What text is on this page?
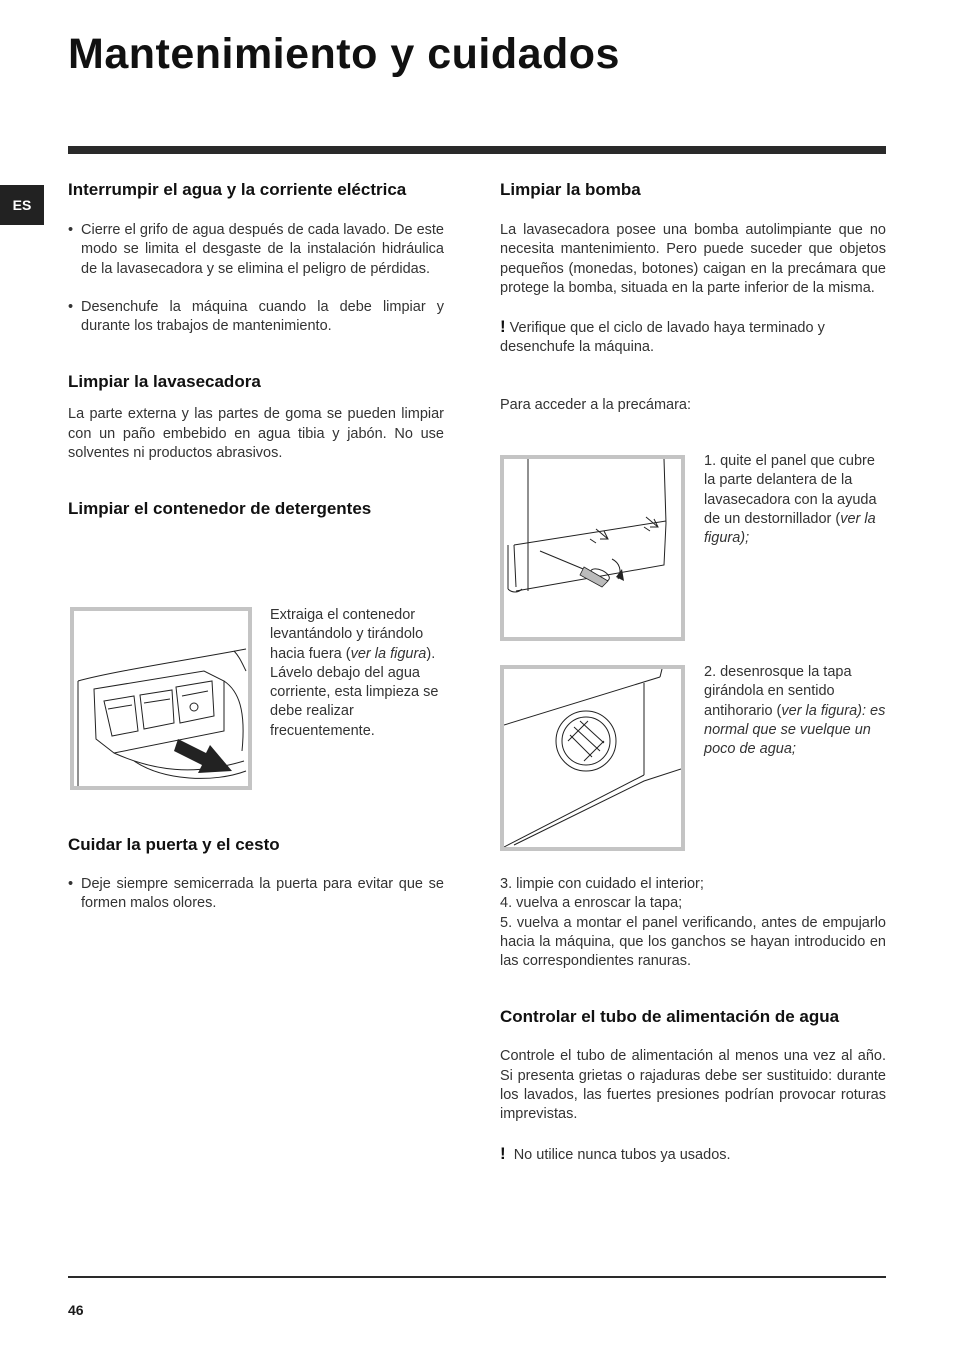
Mantenimiento y cuidados
ES
Interrumpir el agua y la corriente eléctrica
• Cierre el grifo de agua después de cada lavado. De este modo se limita el desgaste de la instalación hidráulica de la lavasecadora y se elimina el peligro de pérdidas.
• Desenchufe la máquina cuando la debe limpiar y durante los trabajos de mantenimiento.
Limpiar la lavasecadora

La parte externa y las partes de goma se pueden limpiar con un paño embebido en agua tibia y jabón. No use solventes ni productos abrasivos.

Limpiar el contenedor de detergentes

Extraiga el contenedor levantándolo y tirándolo hacia fuera (ver la figura).

Lávelo debajo del agua corriente, esta limpieza se debe realizar frecuentemente.

Cuidar la puerta y el cesto
• Deje siempre semicerrada la puerta para evitar que se formen malos olores.
Limpiar la bomba

La lavasecadora posee una bomba autolimpiante que no necesita mantenimiento. Pero puede suceder que objetos pequeños (monedas, botones) caigan en la precámara que protege la bomba, situada en la parte inferior de la misma.

! Verifique que el ciclo de lavado haya terminado y desenchufe la máquina.

Para acceder a la precámara:

1. quite el panel que cubre la parte delantera de la lavasecadora con la ayuda de un destornillador (ver la figura);

2. desenrosque la tapa girándola en sentido antihorario (ver la figura): es normal que se vuelque un poco de agua;

3. limpie con cuidado el interior;

4. vuelva a enroscar la tapa;

5. vuelva a montar el panel verificando, antes de empujarlo hacia la máquina, que los ganchos se hayan introducido en las correspondientes ranuras.

Controlar el tubo de alimentación de agua

Controle el tubo de alimentación al menos una vez al año. Si presenta grietas o rajaduras debe ser sustituido: durante los lavados, las fuertes presiones podrían provocar roturas imprevistas.

! No utilice nunca tubos ya usados.

46
